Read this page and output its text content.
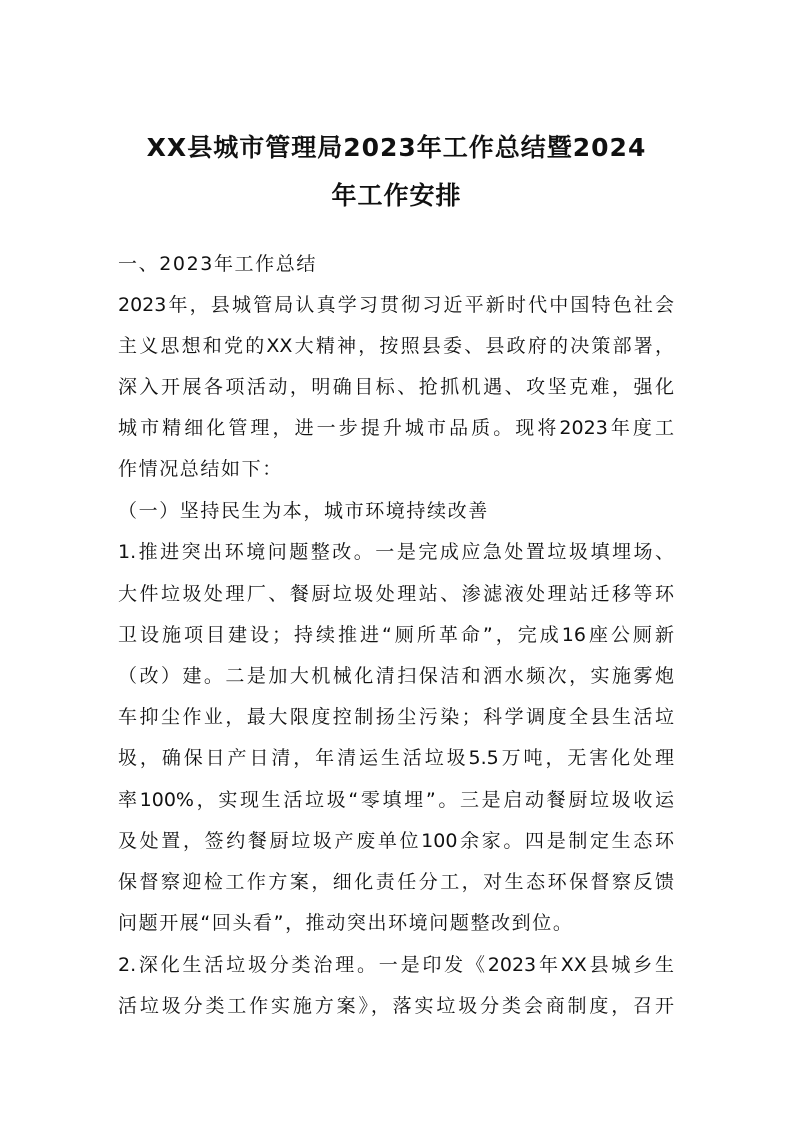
XX县城市管理局2023年工作总结暨2024
年工作安排
一、2023年工作总结
2023年，县城管局认真学习贯彻习近平新时代中国特色社会
主义思想和党的XX大精神，按照县委、县政府的决策部署，
深入开展各项活动，明确目标、抢抓机遇、攻坚克难，强化
城市精细化管理，进一步提升城市品质。现将2023年度工
作情况总结如下：
（一）坚持民生为本，城市环境持续改善
1.推进突出环境问题整改。一是完成应急处置垃圾填埋场、
大件垃圾处理厂、餐厨垃圾处理站、渗滤液处理站迁移等环
卫设施项目建设；持续推进“厕所革命”，完成16座公厕新
（改）建。二是加大机械化清扫保洁和洒水频次，实施雾炮
车抑尘作业，最大限度控制扬尘污染；科学调度全县生活垃
圾，确保日产日清，年清运生活垃圾5.5万吨，无害化处理
率100%，实现生活垃圾“零填埋”。三是启动餐厨垃圾收运
及处置，签约餐厨垃圾产废单位100余家。四是制定生态环
保督察迎检工作方案，细化责任分工，对生态环保督察反馈
问题开展“回头看”，推动突出环境问题整改到位。
2.深化生活垃圾分类治理。一是印发《2023年XX县城乡生
活垃圾分类工作实施方案》，落实垃圾分类会商制度，召开
